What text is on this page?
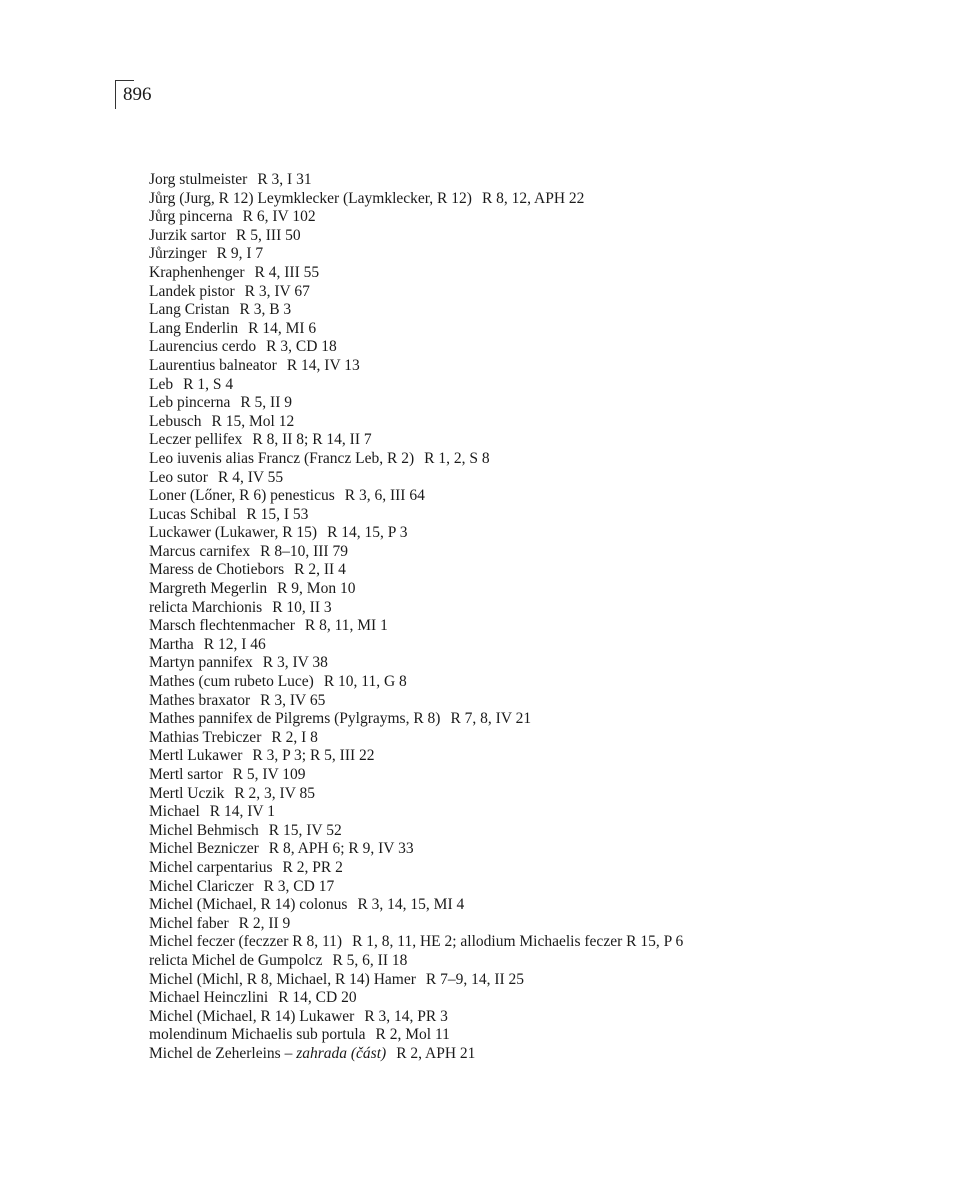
896
Jorg stulmeister R 3, I 31
Jůrg (Jurg, R 12) Leymklecker (Laymklecker, R 12) R 8, 12, APH 22
Jůrg pincerna R 6, IV 102
Jurzik sartor R 5, III 50
Jůrzinger R 9, I 7
Kraphenhenger R 4, III 55
Landek pistor R 3, IV 67
Lang Cristan R 3, B 3
Lang Enderlin R 14, MI 6
Laurencius cerdo R 3, CD 18
Laurentius balneator R 14, IV 13
Leb R 1, S 4
Leb pincerna R 5, II 9
Lebusch R 15, Mol 12
Leczer pellifex R 8, II 8; R 14, II 7
Leo iuvenis alias Francz (Francz Leb, R 2) R 1, 2, S 8
Leo sutor R 4, IV 55
Loner (Lőner, R 6) penesticus R 3, 6, III 64
Lucas Schibal R 15, I 53
Luckawer (Lukawer, R 15) R 14, 15, P 3
Marcus carnifex R 8–10, III 79
Maress de Chotiebors R 2, II 4
Margreth Megerlin R 9, Mon 10
relicta Marchionis R 10, II 3
Marsch flechtenmacher R 8, 11, MI 1
Martha R 12, I 46
Martyn pannifex R 3, IV 38
Mathes (cum rubeto Luce) R 10, 11, G 8
Mathes braxator R 3, IV 65
Mathes pannifex de Pilgrems (Pylgrayms, R 8) R 7, 8, IV 21
Mathias Trebiczer R 2, I 8
Mertl Lukawer R 3, P 3; R 5, III 22
Mertl sartor R 5, IV 109
Mertl Uczik R 2, 3, IV 85
Michael R 14, IV 1
Michel Behmisch R 15, IV 52
Michel Bezniczer R 8, APH 6; R 9, IV 33
Michel carpentarius R 2, PR 2
Michel Clariczer R 3, CD 17
Michel (Michael, R 14) colonus R 3, 14, 15, MI 4
Michel faber R 2, II 9
Michel feczer (feczzer R 8, 11) R 1, 8, 11, HE 2; allodium Michaelis feczer R 15, P 6
relicta Michel de Gumpolcz R 5, 6, II 18
Michel (Michl, R 8, Michael, R 14) Hamer R 7–9, 14, II 25
Michael Heinczlini R 14, CD 20
Michel (Michael, R 14) Lukawer R 3, 14, PR 3
molendinum Michaelis sub portula R 2, Mol 11
Michel de Zeherleins – zahrada (část) R 2, APH 21
